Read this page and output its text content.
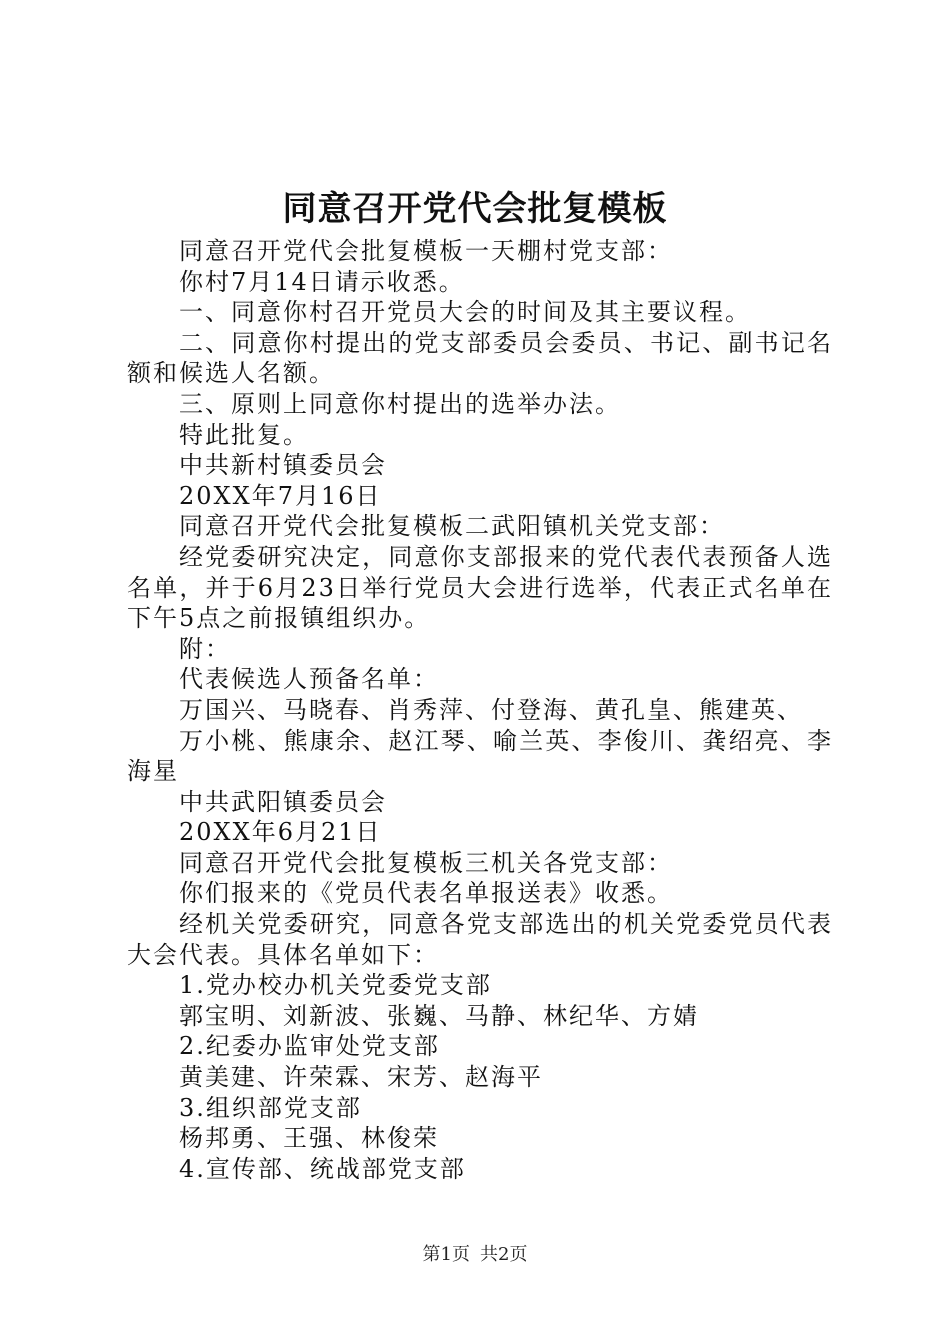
同意召开党代会批复模板

同意召开党代会批复模板一天棚村党支部：

你村7月14日请示收悉。

一、同意你村召开党员大会的时间及其主要议程。

二、同意你村提出的党支部委员会委员、书记、副书记名额和候选人名额。

三、原则上同意你村提出的选举办法。

特此批复。

中共新村镇委员会

20XX年7月16日

同意召开党代会批复模板二武阳镇机关党支部：

经党委研究决定，同意你支部报来的党代表代表预备人选名单，并于6月23日举行党员大会进行选举，代表正式名单在下午5点之前报镇组织办。

附：

代表候选人预备名单：

万国兴、马晓春、肖秀萍、付登海、黄孔皇、熊建英、

万小桃、熊康余、赵江琴、喻兰英、李俊川、龚绍亮、李海星

中共武阳镇委员会

20XX年6月21日

同意召开党代会批复模板三机关各党支部：

你们报来的《党员代表名单报送表》收悉。

经机关党委研究，同意各党支部选出的机关党委党员代表大会代表。具体名单如下：

1.党办校办机关党委党支部

郭宝明、刘新波、张巍、马静、林纪华、方婧

2.纪委办监审处党支部

黄美建、许荣霖、宋芳、赵海平

3.组织部党支部

杨邦勇、王强、林俊荣

4.宣传部、统战部党支部

第1页 共2页
